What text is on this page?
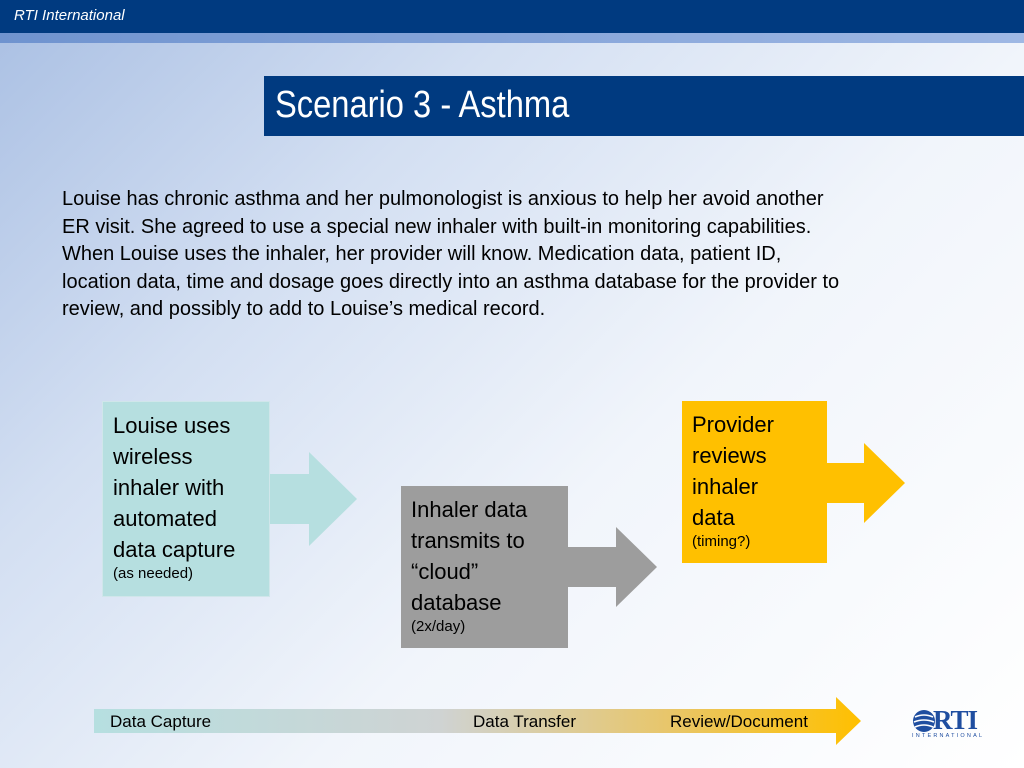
RTI International
Scenario 3 - Asthma
Louise has chronic asthma and her pulmonologist is anxious to help her avoid another
ER visit. She agreed to use a special new inhaler with built-in monitoring capabilities.
When Louise uses the inhaler, her provider will know. Medication data, patient ID,
location data, time and dosage goes directly into an asthma database for the provider to
review, and possibly to add to Louise’s medical record.
Louise uses
wireless
inhaler with
automated
data capture
(as needed)
Inhaler data
transmits to
“cloud”
database
(2x/day)
Provider
reviews
inhaler
data
(timing?)
Data Capture	Data Transfer	Review/Document	RTI
INTERNATIONAL
